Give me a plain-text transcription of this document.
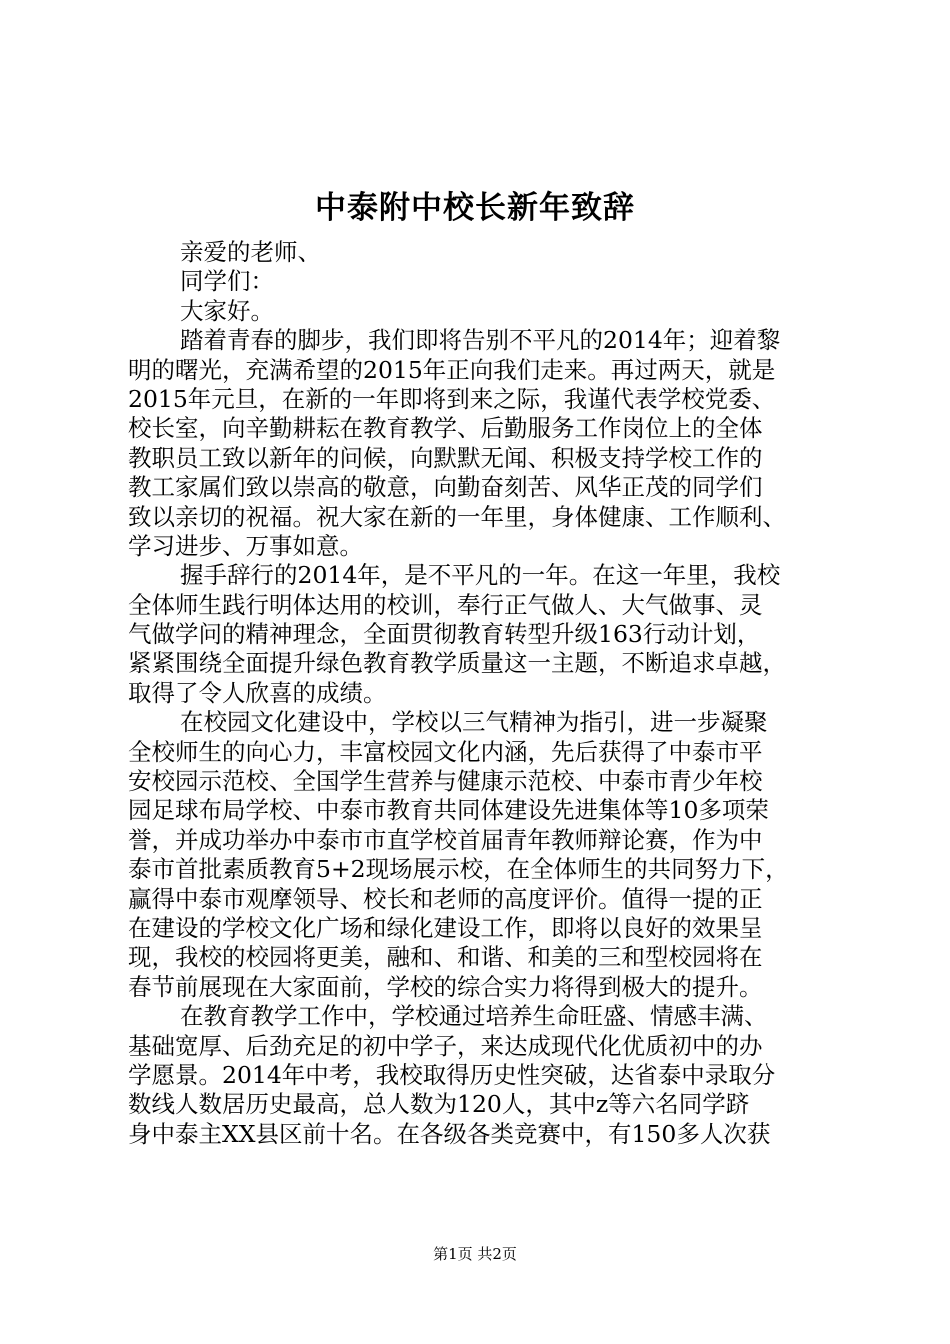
中泰附中校长新年致辞
亲爱的老师、
同学们：
大家好。
踏着青春的脚步，我们即将告别不平凡的2014年；迎着黎
明的曙光，充满希望的2015年正向我们走来。再过两天，就是
2015年元旦，在新的一年即将到来之际，我谨代表学校党委、
校长室，向辛勤耕耘在教育教学、后勤服务工作岗位上的全体
教职员工致以新年的问候，向默默无闻、积极支持学校工作的
教工家属们致以崇高的敬意，向勤奋刻苦、风华正茂的同学们
致以亲切的祝福。祝大家在新的一年里，身体健康、工作顺利、
学习进步、万事如意。
握手辞行的2014年，是不平凡的一年。在这一年里，我校
全体师生践行明体达用的校训，奉行正气做人、大气做事、灵
气做学问的精神理念，全面贯彻教育转型升级163行动计划，
紧紧围绕全面提升绿色教育教学质量这一主题，不断追求卓越，
取得了令人欣喜的成绩。
在校园文化建设中，学校以三气精神为指引，进一步凝聚
全校师生的向心力，丰富校园文化内涵，先后获得了中泰市平
安校园示范校、全国学生营养与健康示范校、中泰市青少年校
园足球布局学校、中泰市教育共同体建设先进集体等10多项荣
誉，并成功举办中泰市市直学校首届青年教师辩论赛，作为中
泰市首批素质教育5+2现场展示校，在全体师生的共同努力下，
赢得中泰市观摩领导、校长和老师的高度评价。值得一提的正
在建设的学校文化广场和绿化建设工作，即将以良好的效果呈
现，我校的校园将更美，融和、和谐、和美的三和型校园将在
春节前展现在大家面前，学校的综合实力将得到极大的提升。
在教育教学工作中，学校通过培养生命旺盛、情感丰满、
基础宽厚、后劲充足的初中学子，来达成现代化优质初中的办
学愿景。2014年中考，我校取得历史性突破，达省泰中录取分
数线人数居历史最高，总人数为120人，其中z等六名同学跻
身中泰主XX县区前十名。在各级各类竞赛中，有150多人次获
第1页 共2页
